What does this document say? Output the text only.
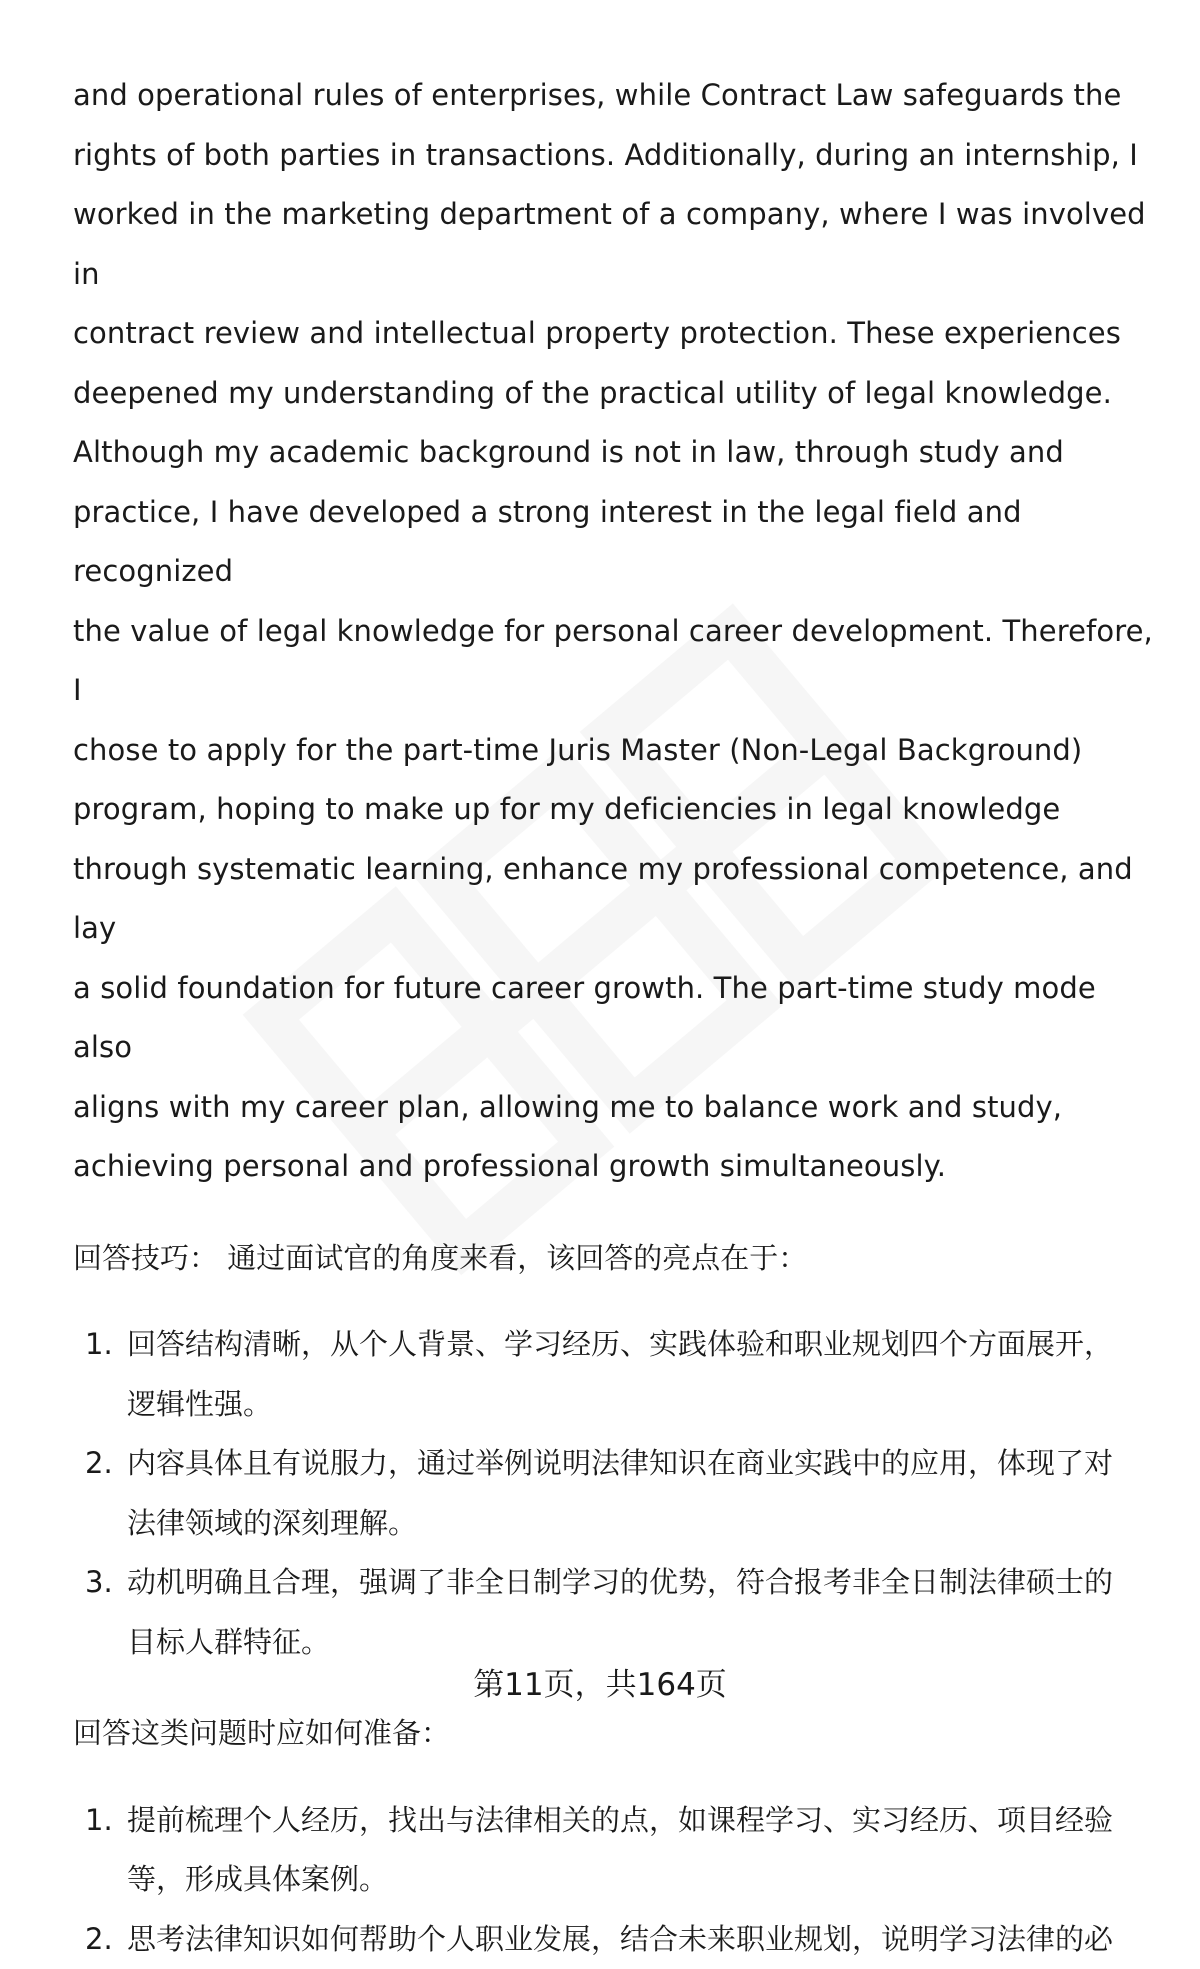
and operational rules of enterprises, while Contract Law safeguards the
rights of both parties in transactions. Additionally, during an internship, I
worked in the marketing department of a company, where I was involved in
contract review and intellectual property protection. These experiences
deepened my understanding of the practical utility of legal knowledge.
Although my academic background is not in law, through study and
practice, I have developed a strong interest in the legal field and recognized
the value of legal knowledge for personal career development. Therefore, I
chose to apply for the part-time Juris Master (Non-Legal Background)
program, hoping to make up for my deficiencies in legal knowledge
through systematic learning, enhance my professional competence, and lay
a solid foundation for future career growth. The part-time study mode also
aligns with my career plan, allowing me to balance work and study,
achieving personal and professional growth simultaneously.

回答技巧： 通过面试官的角度来看，该回答的亮点在于：

1. 回答结构清晰，从个人背景、学习经历、实践体验和职业规划四个方面展开，
逻辑性强。
2. 内容具体且有说服力，通过举例说明法律知识在商业实践中的应用，体现了对
法律领域的深刻理解。
3. 动机明确且合理，强调了非全日制学习的优势，符合报考非全日制法律硕士的
目标人群特征。

回答这类问题时应如何准备：

1. 提前梳理个人经历，找出与法律相关的点，如课程学习、实习经历、项目经验
等，形成具体案例。
2. 思考法律知识如何帮助个人职业发展，结合未来职业规划，说明学习法律的必
第11页，共164页
